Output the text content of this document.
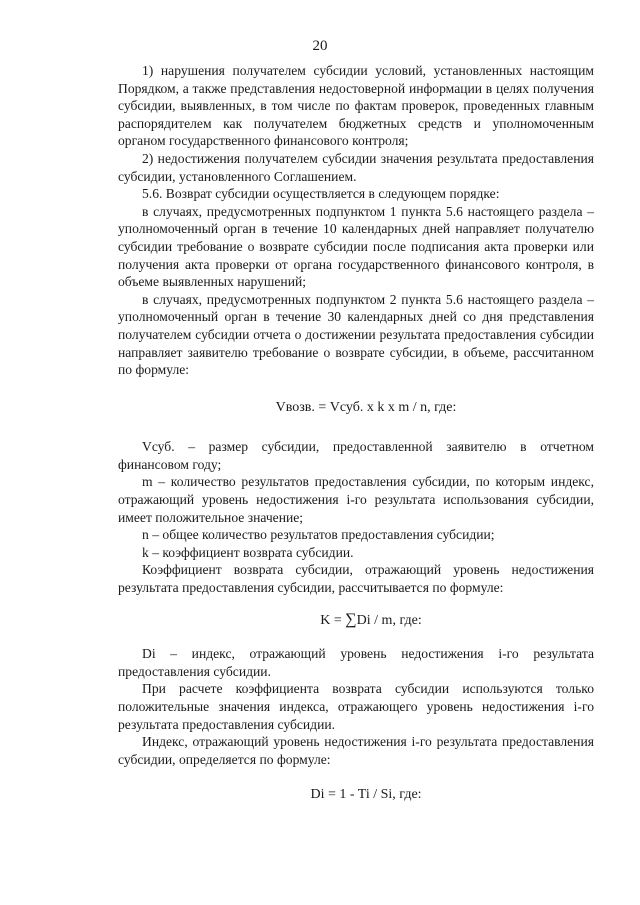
20

1) нарушения получателем субсидии условий, установленных настоящим Порядком, а также представления недостоверной информации в целях получения субсидии, выявленных, в том числе по фактам проверок, проведенных главным распорядителем как получателем бюджетных средств и уполномоченным органом государственного финансового контроля;

2) недостижения получателем субсидии значения результата предоставления субсидии, установленного Соглашением.

5.6. Возврат субсидии осуществляется в следующем порядке:

в случаях, предусмотренных подпунктом 1 пункта 5.6 настоящего раздела – уполномоченный орган в течение 10 календарных дней направляет получателю субсидии требование о возврате субсидии после подписания акта проверки или получения акта проверки от органа государственного финансового контроля, в объеме выявленных нарушений;

в случаях, предусмотренных подпунктом 2 пункта 5.6 настоящего раздела – уполномоченный орган в течение 30 календарных дней со дня представления получателем субсидии отчета о достижении результата предоставления субсидии направляет заявителю требование о возврате субсидии, в объеме, рассчитанном по формуле:

Vвозв. = Vсуб. x k x m / n, где:

Vсуб. – размер субсидии, предоставленной заявителю в отчетном финансовом году;

m – количество результатов предоставления субсидии, по которым индекс, отражающий уровень недостижения i-го результата использования субсидии, имеет положительное значение;

n – общее количество результатов предоставления субсидии;

k – коэффициент возврата субсидии.

Коэффициент возврата субсидии, отражающий уровень недостижения результата предоставления субсидии, рассчитывается по формуле:

K = ∑Di / m, где:

Di – индекс, отражающий уровень недостижения i-го результата предоставления субсидии.

При расчете коэффициента возврата субсидии используются только положительные значения индекса, отражающего уровень недостижения i-го результата предоставления субсидии.

Индекс, отражающий уровень недостижения i-го результата предоставления субсидии, определяется по формуле:

Di = 1 - Ti / Si, где:
